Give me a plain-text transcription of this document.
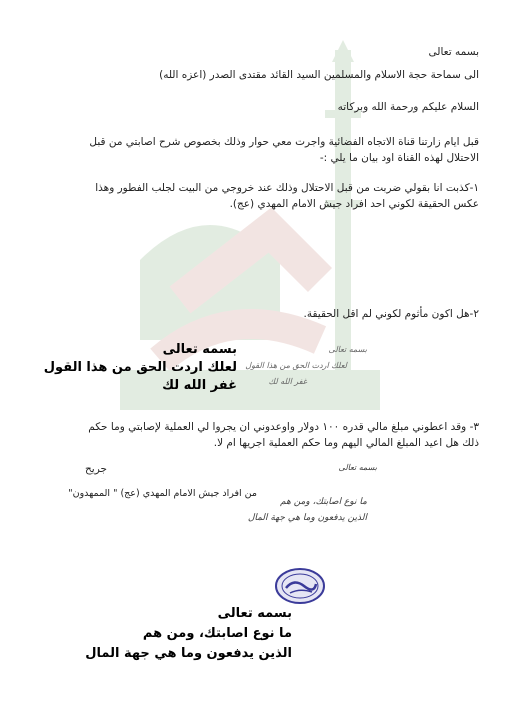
بسمه تعالى
الى سماحة حجة الاسلام والمسلمين السيد القائد مقتدى الصدر (اعزه الله)
السلام عليكم ورحمة الله وبركاته
قبل ايام زارتنا قناة الاتجاه الفضائية واجرت معي حوار وذلك بخصوص شرح اصابتي من قبل
الاحتلال لهذه القناة اود بيان ما يلي :-
١-كذبت انا بقولي ضربت من قبل الاحتلال وذلك عند خروجي من البيت لجلب الفطور وهذا
عكس الحقيقة لكوني احد افراد جيش الامام المهدي (عج).
٢-هل اكون مأثوم لكوني لم اقل الحقيقة.
بسمه تعالى
لعلك اردت الحق من هذا القول
غفر الله لك
بسمه تعالى
لعلك اردت الحق من هذا القول
غفر الله لك
٣- وقد اعطوني مبلغ مالي قدره ١٠٠ دولار واوعدوني ان يجروا لي العملية لإصابتي وما حكم
ذلك هل اعيد المبلغ المالي اليهم وما حكم العملية اجريها ام لا.
جريح
من افراد جيش الامام المهدي (عج) " الممهدون"
بسمه تعالى
ما نوع اصابتك، ومن هم
الذين يدفعون وما هي جهة المال
بسمه تعالى
ما نوع اصابتك، ومن هم
الذين يدفعون وما هي جهة المال
